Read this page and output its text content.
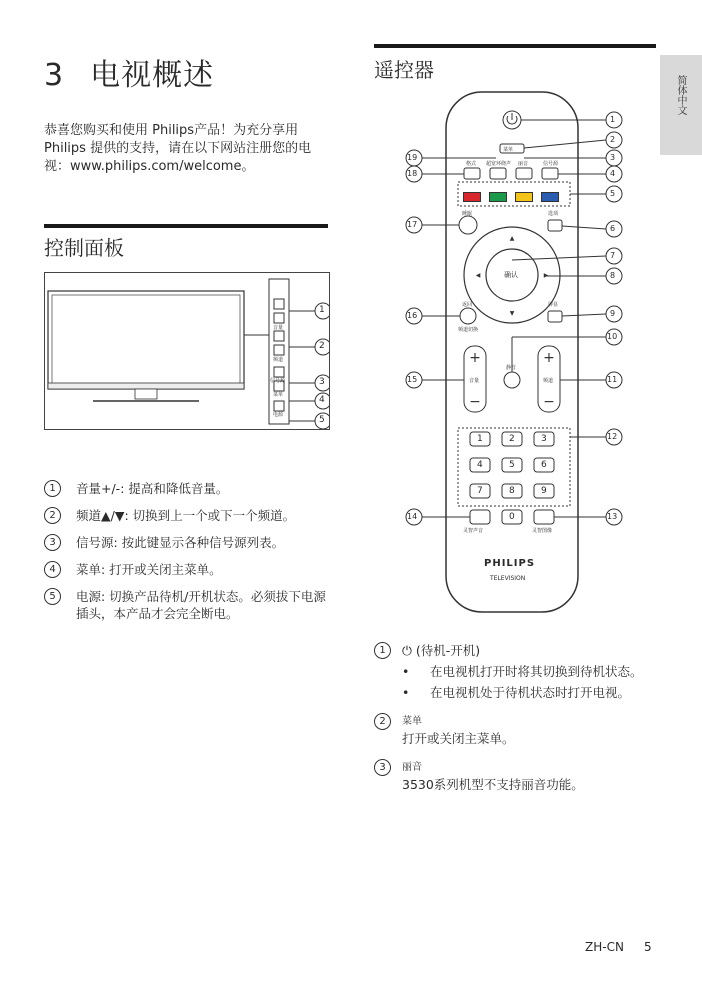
3 电视概述
恭喜您购买和使用 Philips产品！为充分享用Philips 提供的支持，请在以下网站注册您的电视：www.philips.com/welcome。
控制面板
音量
频道
信号源
菜单
电源
1
2
3
4
5
1	音量+/-: 提高和降低音量。
2	频道▲/▼: 切换到上一个或下一个频道。
3	信号源: 按此键显示各种信号源列表。
4	菜单: 打开或关闭主菜单。
5	电源: 切换产品待机/开机状态。必须拔下电源插头，本产品才会完全断电。
遥控器
简体中文
▲
▼
◀	▶
+
−
+
−
菜单
格式 超宽环绕声 丽音	信号源
睡眠	选项
确认
返回
频道切换
屏显
静音
音量	频道
灵智声音	灵智图像
1	2	3
4	5	6
7	8	9
0
PHILIPS
TELEVISION
1
2
3
4
5
6
7
8
9
10
11
12
13
19
18
17
16
15
14
1	⏻ (待机-开机)
• 在电视机打开时将其切换到待机状态。
• 在电视机处于待机状态时打开电视。
2	菜单
打开或关闭主菜单。
3	丽音
3530系列机型不支持丽音功能。
ZH-CN 5
